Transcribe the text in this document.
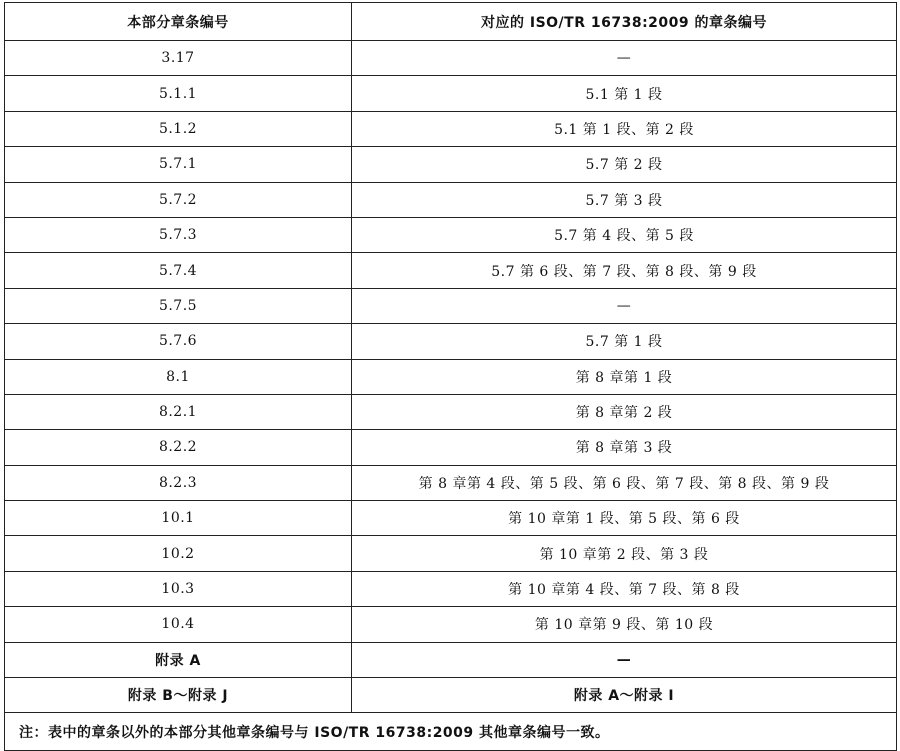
本部分章条编号	对应的 ISO/TR 16738:2009 的章条编号
3.17	—
5.1.1	5.1 第 1 段
5.1.2	5.1 第 1 段、第 2 段
5.7.1	5.7 第 2 段
5.7.2	5.7 第 3 段
5.7.3	5.7 第 4 段、第 5 段
5.7.4	5.7 第 6 段、第 7 段、第 8 段、第 9 段
5.7.5	—
5.7.6	5.7 第 1 段
8.1	第 8 章第 1 段
8.2.1	第 8 章第 2 段
8.2.2	第 8 章第 3 段
8.2.3	第 8 章第 4 段、第 5 段、第 6 段、第 7 段、第 8 段、第 9 段
10.1	第 10 章第 1 段、第 5 段、第 6 段
10.2	第 10 章第 2 段、第 3 段
10.3	第 10 章第 4 段、第 7 段、第 8 段
10.4	第 10 章第 9 段、第 10 段
附录 A	—
附录 B～附录 J	附录 A～附录 I
注：表中的章条以外的本部分其他章条编号与 ISO/TR 16738:2009 其他章条编号一致。	
